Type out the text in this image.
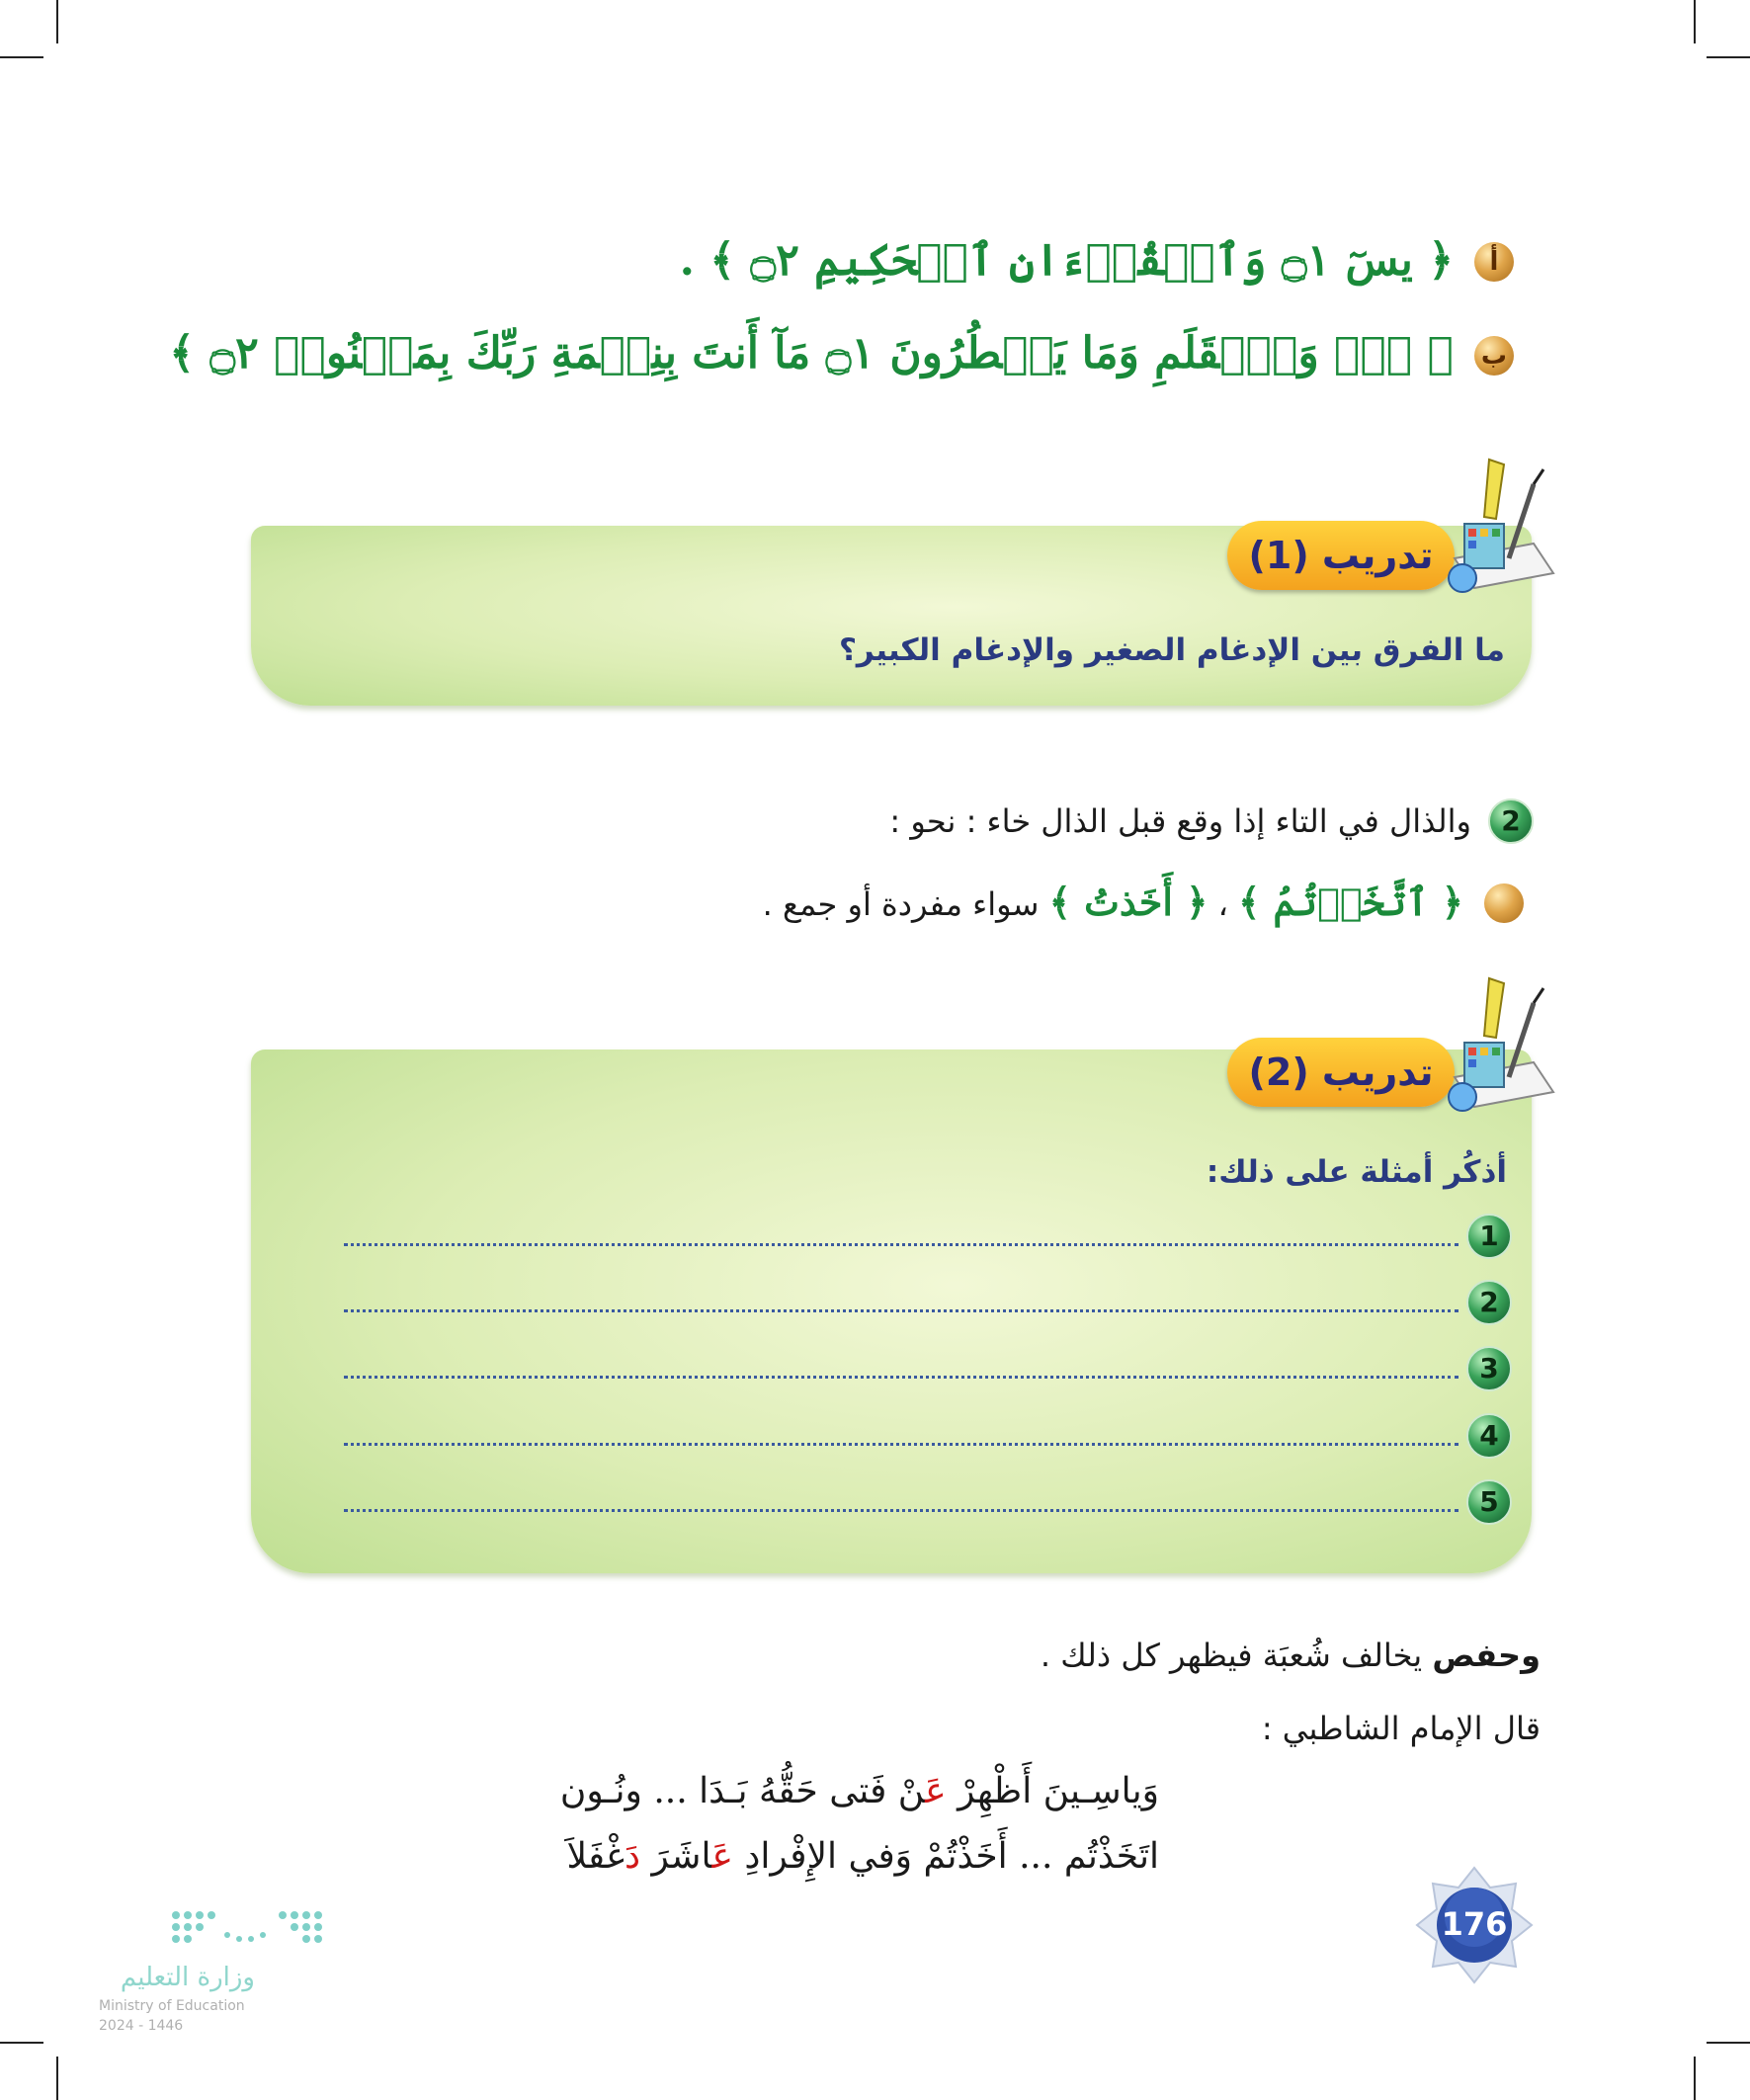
أ
﴿ يسٓ ۝١ وَٱلۡقُرۡءَانِ ٱلۡحَكِيمِ ۝٢ ﴾ .
ب
﴿ نٓۚ وَٱلۡقَلَمِ وَمَا يَسۡطُرُونَ ۝١ مَآ أَنتَ بِنِعۡمَةِ رَبِّكَ بِمَجۡنُونٖ ۝٢ ﴾
تدريب (1)
ما الفرق بين الإدغام الصغير والإدغام الكبير؟
2
والذال في التاء إذا وقع قبل الذال خاء : نحو :
﴿ ٱتَّخَذۡتُمُ ﴾ ، ﴿ أَخَذتُ ﴾ سواء مفردة أو جمع .
تدريب (2)
أذكُر أمثلة على ذلك:
1
2
3
4
5
وحفص يخالف شُعبَة فيظهر كل ذلك .
قال الإمام الشاطبي :
وَياسِـينَ أَظْهِرْ عَنْ فَتى حَقُّهُ بَـدَا ... ونُـون
اتَخَذْتُم ... أَخَذْتُمْ وَفي الإِفْرادِ عَاشَرَ دَغْفَلاَ
176
وزارة التعليم
Ministry of Education
2024 - 1446
